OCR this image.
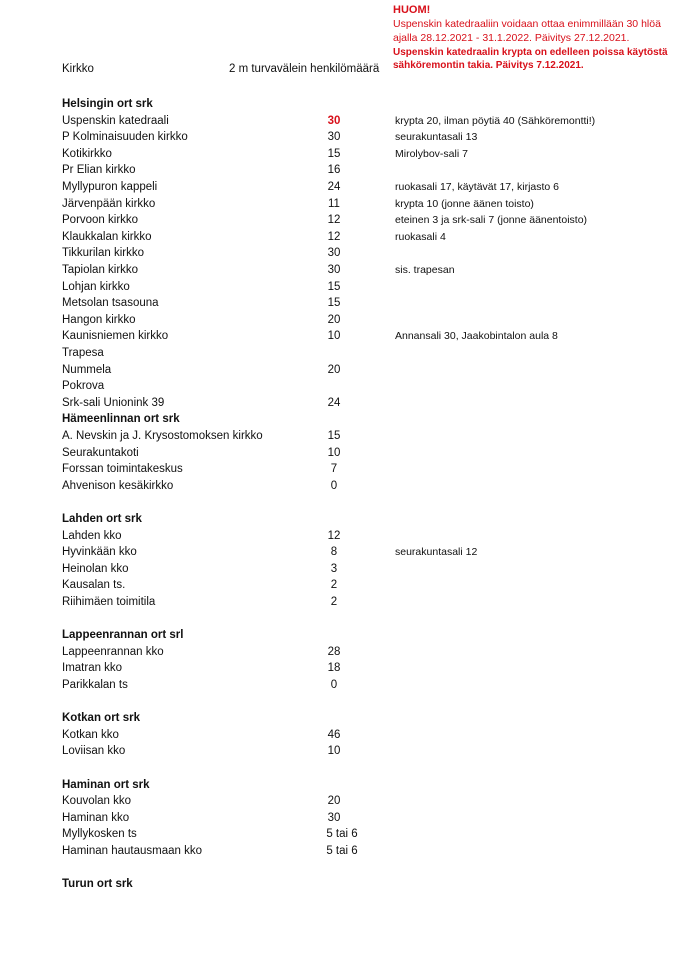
HUOM!
Uspenskin katedraaliin voidaan ottaa enimmillään 30 hlöä ajalla 28.12.2021 - 31.1.2022. Päivitys 27.12.2021.
Uspenskin katedraalin krypta on edelleen poissa käytöstä sähköremontin takia. Päivitys 7.12.2021.
Kirkko	2 m turvavälein henkilömäärä
Helsingin ort srk
Uspenskin katedraali	30	krypta 20, ilman pöytiä 40 (Sähköremontti!)
P Kolminaisuuden kirkko	30	seurakuntasali 13
Kotikirkko	15	Mirolybov-sali 7
Pr Elian kirkko	16
Myllypuron kappeli	24	ruokasali 17, käytävät 17, kirjasto 6
Järvenpään kirkko	11	krypta 10 (jonne äänen toisto)
Porvoon kirkko	12	eteinen 3 ja srk-sali 7 (jonne äänentoisto)
Klaukkalan kirkko	12	ruokasali 4
Tikkurilan kirkko	30
Tapiolan kirkko	30	sis. trapesan
Lohjan kirkko	15
Metsolan tsasouna	15
Hangon kirkko	20
Kaunisniemen kirkko	10	Annansali 30, Jaakobintalon aula 8
Trapesa
Nummela	20
Pokrova
Srk-sali Unionink 39	24
Hämeenlinnan ort srk
A. Nevskin ja J. Krysostomoksen kirkko	15
Seurakuntakoti	10
Forssan toimintakeskus	7
Ahvenison kesäkirkko	0
Lahden ort srk
Lahden kko	12
Hyvinkään kko	8	seurakuntasali 12
Heinolan kko	3
Kausalan ts.	2
Riihimäen toimitila	2
Lappeenrannan ort srl
Lappeenrannan kko	28
Imatran kko	18
Parikkalan ts	0
Kotkan ort srk
Kotkan kko	46
Loviisan kko	10
Haminan ort srk
Kouvolan kko	20
Haminan kko	30
Myllykosken ts	5 tai 6
Haminan hautausmaan kko	5 tai 6
Turun ort srk
